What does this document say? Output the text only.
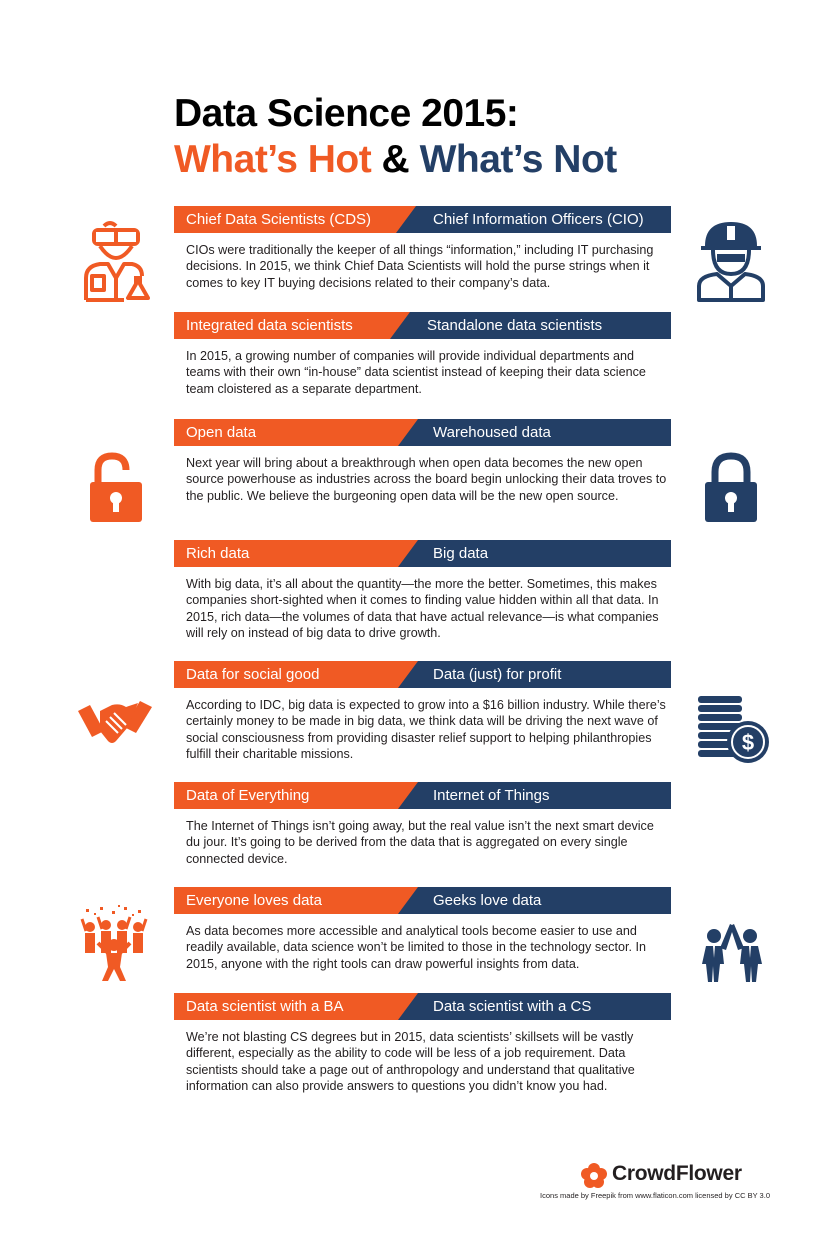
Data Science 2015:
What’s Hot & What’s Not
Chief Data Scientists (CDS)	Chief Information Officers (CIO)
CIOs were traditionally the keeper of all things “information,” including IT purchasing decisions. In 2015, we think Chief Data Scientists will hold the purse strings when it comes to key IT buying decisions related to their company’s data.
Integrated data scientists	Standalone data scientists
In 2015, a growing number of companies will provide individual departments and teams with their own “in-house” data scientist instead of keeping their data science team cloistered as a separate department.
Open data	Warehoused data
Next year will bring about a breakthrough when open data becomes the new open source powerhouse as industries across the board begin unlocking their data troves to the public. We believe the burgeoning open data will be the new open source.
Rich data	Big data
With big data, it’s all about the quantity—the more the better. Sometimes, this makes companies short-sighted when it comes to finding value hidden within all that data. In 2015, rich data—the volumes of data that have actual relevance—is what companies will rely on instead of big data to drive growth.
Data for social good	Data (just) for profit
According to IDC, big data is expected to grow into a $16 billion industry. While there’s certainly money to be made in big data, we think data will be driving the next wave of social consciousness from providing disaster relief support to helping philanthropies fulfill their charitable missions.
Data of Everything	Internet of Things
The Internet of Things isn’t going away, but the real value isn’t the next smart device du jour. It’s going to be derived from the data that is aggregated on every single connected device.
Everyone loves data	Geeks love data
As data becomes more accessible and analytical tools become easier to use and readily available, data science won’t be limited to those in the technology sector. In 2015, anyone with the right tools can draw powerful insights from data.
Data scientist with a BA	Data scientist with a CS
We’re not blasting CS degrees but in 2015, data scientists’ skillsets will be vastly different, especially as the ability to code will be less of a job requirement. Data scientists should take a page out of anthropology and understand that qualitative information can also provide answers to questions you didn’t know you had.
$
CrowdFlower
Icons made by Freepik from www.flaticon.com licensed by CC BY 3.0
